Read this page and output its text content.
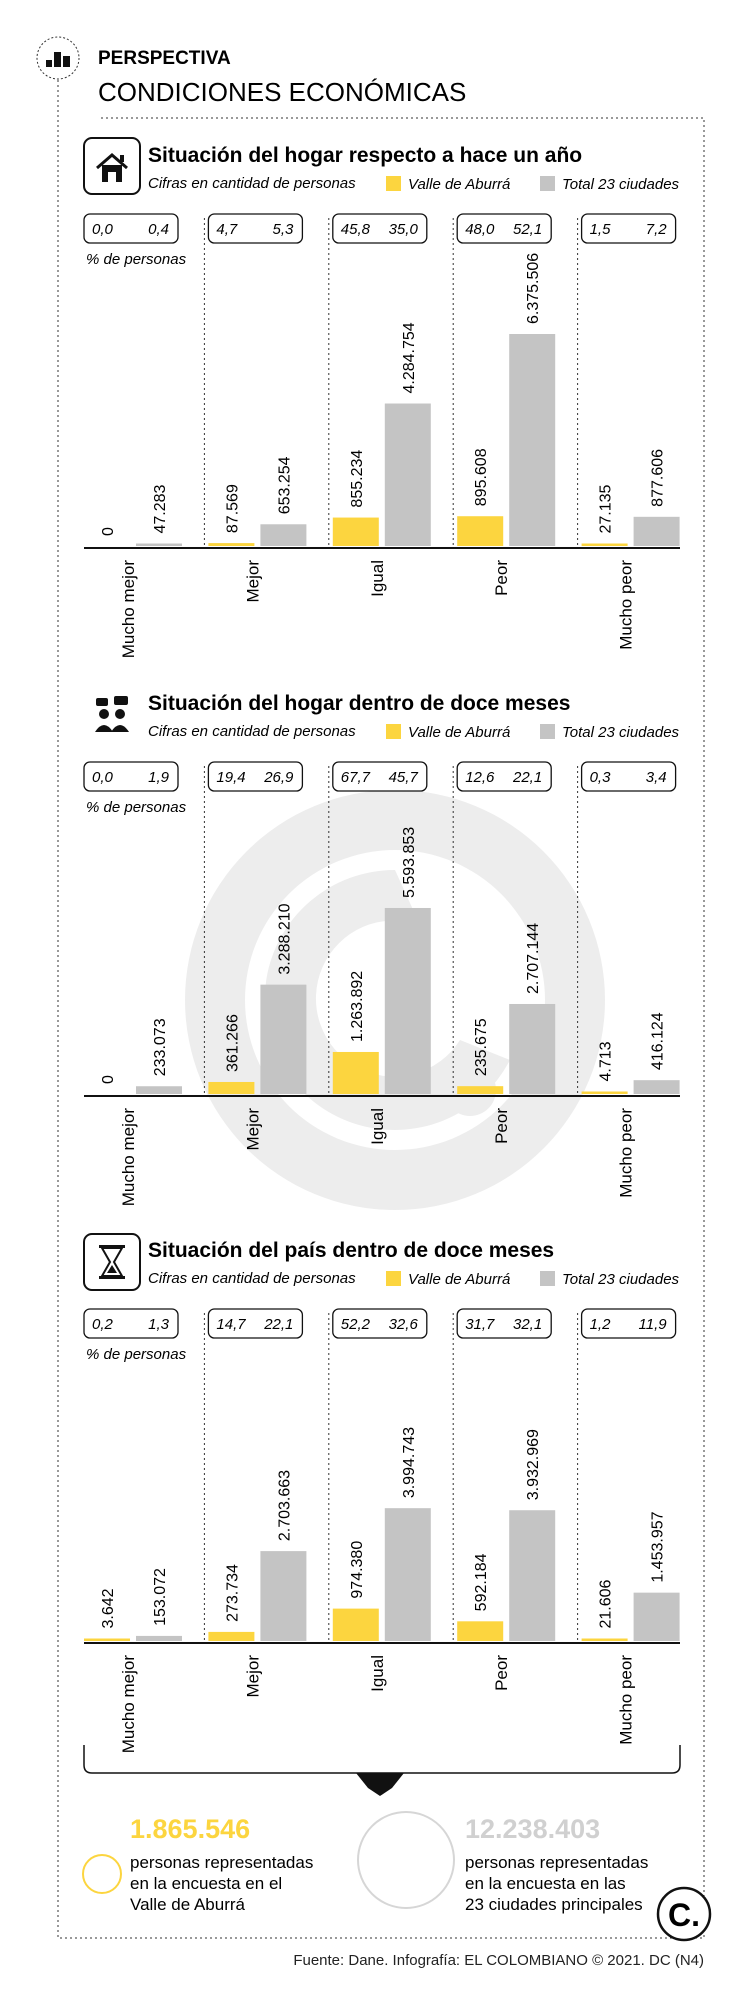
PERSPECTIVA
CONDICIONES ECONÓMICAS
Situación del hogar respecto a hace un año
Cifras en cantidad de personas	Valle de Aburrá	Total 23 ciudades
% de personas
0,0 0,4
0 47.283
Mucho mejor
4,7 5,3
87.569 653.254
Mejor
45,8 35,0
855.234
4.284.754
Igual
48,0 52,1
895.608
6.375.506
Peor
1,5 7,2
27.135
877.606
Mucho peor
Situación del hogar dentro de doce meses
Cifras en cantidad de personas	Valle de Aburrá	Total 23 ciudades
% de personas
0,0 1,9
0
233.073
Mucho mejor
19,4 26,9
361.266
3.288.210
Mejor
67,7 45,7
1.263.892
5.593.853
Igual
12,6 22,1
235.675
2.707.144
Peor
0,3 3,4
4.713 416.124
Mucho peor
Situación del país dentro de doce meses
Cifras en cantidad de personas	Valle de Aburrá	Total 23 ciudades
% de personas
0,2 1,3
3.642 153.072
Mucho mejor
14,7 22,1
273.734
2.703.663
Mejor
52,2 32,6
974.380
3.994.743
Igual
31,7 32,1
592.184
3.932.969
Peor
1,2 11,9
21.606
1.453.957
Mucho peor
1.865.546
personas representadas
en la encuesta en el
Valle de Aburrá
12.238.403
personas representadas
en la encuesta en las
23 ciudades principales C.
Fuente: Dane. Infografía: EL COLOMBIANO © 2021. DC (N4)
